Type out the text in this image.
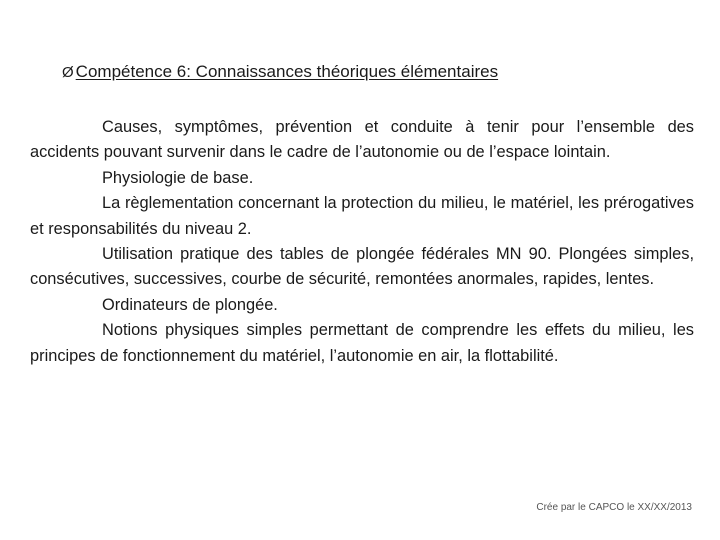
Ø Compétence 6: Connaissances théoriques élémentaires

Causes, symptômes, prévention et conduite à tenir pour l’ensemble des accidents pouvant survenir dans le cadre de l’autonomie ou de l’espace lointain.

Physiologie de base.

La règlementation concernant la protection du milieu, le matériel, les prérogatives et responsabilités du niveau 2.

Utilisation pratique des tables de plongée fédérales MN 90. Plongées simples, consécutives, successives, courbe de sécurité, remontées anormales, rapides, lentes.

Ordinateurs de plongée.

Notions physiques simples permettant de comprendre les effets du milieu, les principes de fonctionnement du matériel, l’autonomie en air, la flottabilité.

Crée par le CAPCO le XX/XX/2013
